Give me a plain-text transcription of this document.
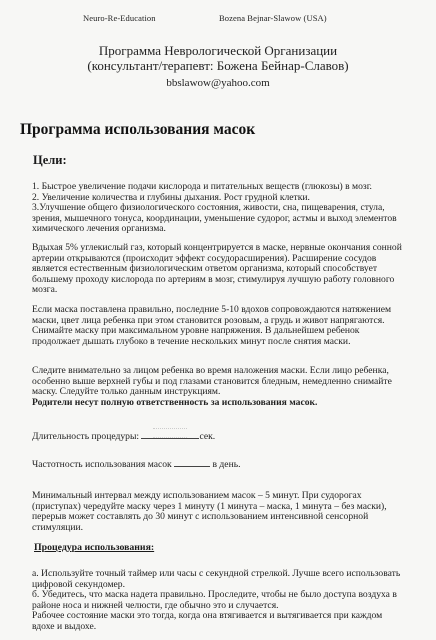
Neuro-Re-Education	Bozena Bejnar-Slawow (USA)
Программа Неврологической Организации
(консультант/терапевт: Божена Бейнар-Славов)
bbslawow@yahoo.com
Программа использования масок
Цели:
1. Быстрое увеличение подачи кислорода и питательных веществ (глюкозы) в мозг.
2. Увеличение количества и глубины дыхания. Рост грудной клетки.
3.Улучшение общего физиологического состояния, живости, сна, пищеварения, стула,
зрения, мышечного тонуса, координации, уменьшение судорог, астмы и выход элементов
химического лечения организма.
Вдыхая 5% углекислый газ, который концентрируется в маске, нервные окончания сонной
артерии открываются (происходит эффект сосудорасширения). Расширение сосудов
является естественным физиологическим ответом организма, который способствует
большему проходу кислорода по артериям в мозг, стимулируя лучшую работу головного
мозга.
Если маска поставлена правильно, последние 5-10 вдохов сопровождаются натяжением
маски, цвет лица ребенка при этом становится розовым, а грудь и живот напрягаются.
Снимайте маску при максимальном уровне напряжения. В дальнейшем ребенок
продолжает дышать глубоко в течение нескольких минут после снятия маски.
Следите внимательно за лицом ребенка во время наложения маски. Если лицо ребенка,
особенно выше верхней губы и под глазами становится бледным, немедленно снимайте
маску. Следуйте только данным инструкциям.
Родители несут полную ответственность за использования масок.
Длительность процедуры:	сек.
Частотность использования масок	в день.
Минимальный интервал между использованием масок – 5 минут. При судорогах
(приступах) чередуйте маску через 1 минуту (1 минута – маска, 1 минута – без маски),
перерыв может составлять до 30 минут с использованием интенсивной сенсорной
стимуляции.
Процедура использования:
а. Используйте точный таймер или часы с секундной стрелкой. Лучше всего использовать
цифровой секундомер.
б. Убедитесь, что маска надета правильно. Проследите, чтобы не было доступа воздуха в
районе носа и нижней челюсти, где обычно это и случается.
Рабочее состояние маски это тогда, когда она втягивается и вытягивается при каждом
вдохе и выдохе.
